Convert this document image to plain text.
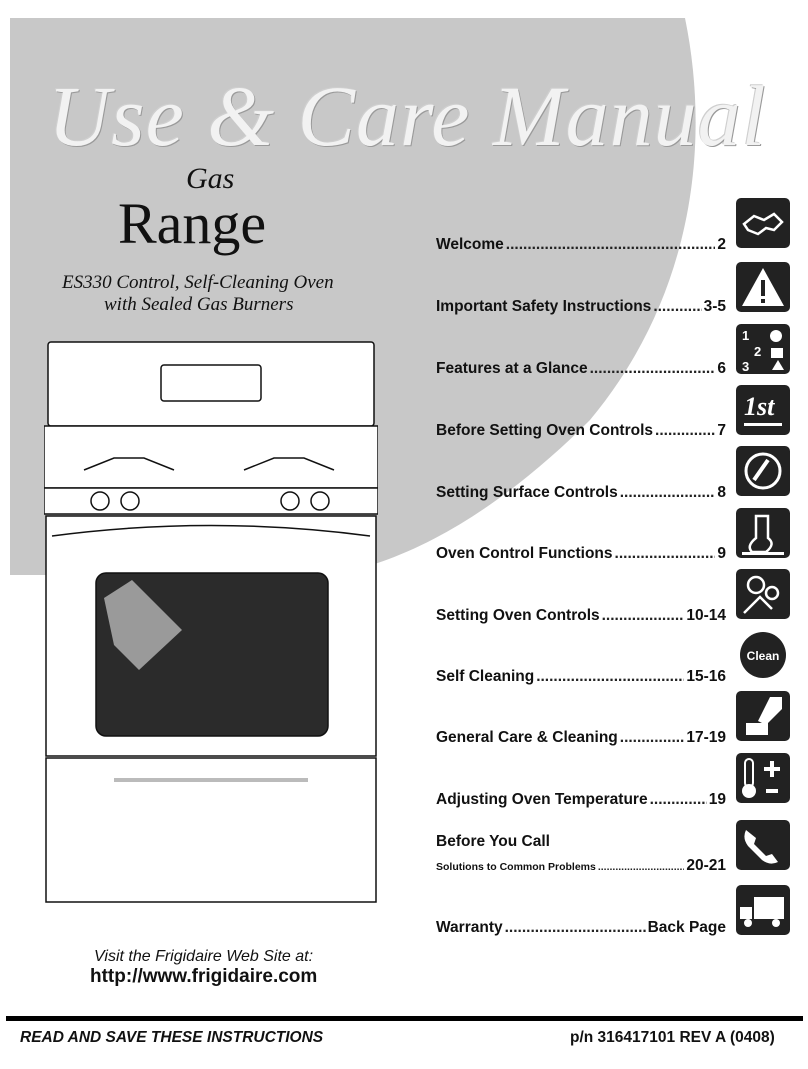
Use & Care Manual
Gas
Range
ES330 Control, Self-Cleaning Oven
with Sealed Gas Burners
Welcome .....	2
Important Safety Instructions .....	3-5
Features at a Glance .....	6
Before Setting Oven Controls .....	7
Setting Surface Controls .....	8
Oven Control Functions .....	9
Setting Oven Controls .....	10-14
Self Cleaning .....	15-16
General Care & Cleaning .....	17-19
Adjusting Oven Temperature .....	19
Before You Call
Solutions to Common Problems .....	20-21
Warranty .....	Back Page
1
2
3
1st
Clean
Visit the Frigidaire Web Site at:
http://www.frigidaire.com
READ AND SAVE THESE INSTRUCTIONS	p/n 316417101 REV A (0408)
